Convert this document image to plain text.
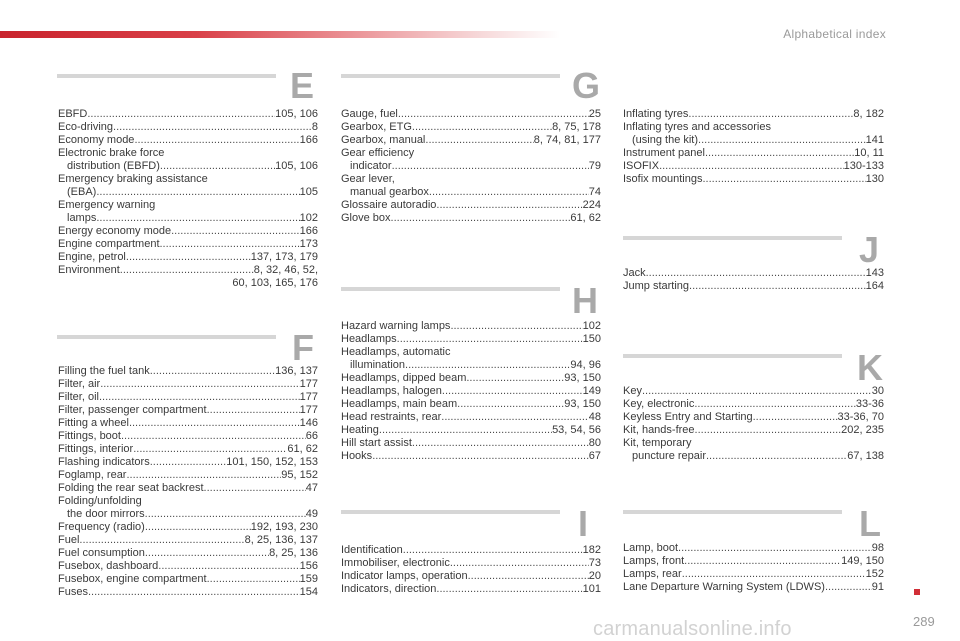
Alphabetical index
E
EBFD .....	105, 106
Eco-driving .....	8
Economy mode .....	166
Electronic brake force
distribution (EBFD) .....	105, 106
Emergency braking assistance
(EBA) .....	105
Emergency warning
lamps .....	102
Energy economy mode .....	166
Engine compartment .....	173
Engine, petrol .....	137, 173, 179
Environment .....	8, 32, 46, 52,
60, 103, 165, 176
F
Filling the fuel tank .....	136, 137
Filter, air .....	177
Filter, oil .....	177
Filter, passenger compartment .....	177
Fitting a wheel .....	146
Fittings, boot .....	66
Fittings, interior .....	61, 62
Flashing indicators .....	101, 150, 152, 153
Foglamp, rear .....	95, 152
Folding the rear seat backrest .....	47
Folding/unfolding
the door mirrors .....	49
Frequency (radio) .....	192, 193, 230
Fuel .....	8, 25, 136, 137
Fuel consumption .....	8, 25, 136
Fusebox, dashboard .....	156
Fusebox, engine compartment .....	159
Fuses .....	154
G
Gauge, fuel .....	25
Gearbox, ETG .....	8, 75, 178
Gearbox, manual .....	8, 74, 81, 177
Gear efficiency
indicator .....	79
Gear lever,
manual gearbox .....	74
Glossaire autoradio .....	224
Glove box .....	61, 62
H
Hazard warning lamps .....	102
Headlamps .....	150
Headlamps, automatic
illumination .....	94, 96
Headlamps, dipped beam .....	93, 150
Headlamps, halogen .....	149
Headlamps, main beam .....	93, 150
Head restraints, rear .....	48
Heating .....	53, 54, 56
Hill start assist .....	80
Hooks .....	67
Inflating tyres .....	8, 182
Inflating tyres and accessories
(using the kit) .....	141
Instrument panel .....	10, 11
ISOFIX .....	130-133
Isofix mountings .....	130
I
Identification .....	182
Immobiliser, electronic .....	73
Indicator lamps, operation .....	20
Indicators, direction .....	101
J
Jack .....	143
Jump starting .....	164
K
Key .....	30
Key, electronic .....	33-36
Keyless Entry and Starting .....	33-36, 70
Kit, hands-free .....	202, 235
Kit, temporary
puncture repair .....	67, 138
L
Lamp, boot .....	98
Lamps, front .....	149, 150
Lamps, rear .....	152
Lane Departure Warning System (LDWS) .....	91
289
carmanualsonline.info
